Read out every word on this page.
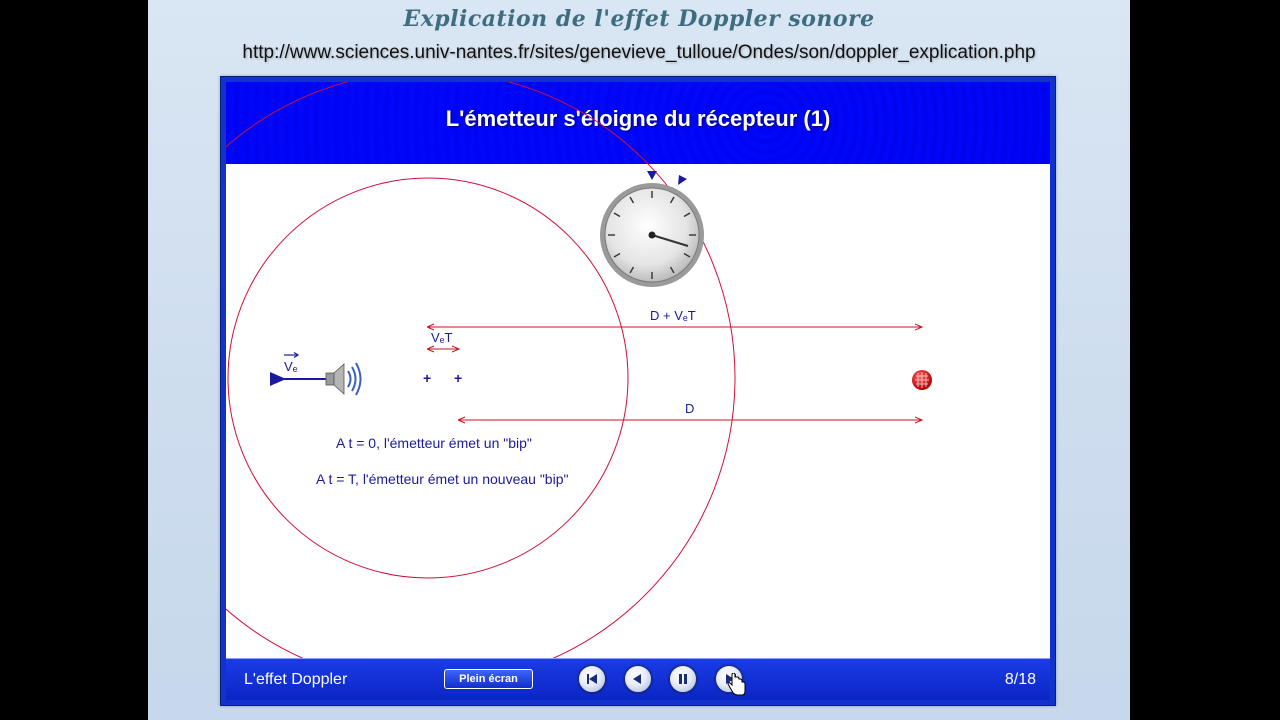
Explication de l'effet Doppler sonore
http://www.sciences.univ-nantes.fr/sites/genevieve_tulloue/Ondes/son/doppler_explication.php
L'émetteur s'éloigne du récepteur (1)
D + VₑT
VₑT
D
Vₑ
+ +
A t = 0, l'émetteur émet un "bip"
A t = T, l'émetteur émet un nouveau "bip"
L'effet Doppler	Plein écran	8/18
